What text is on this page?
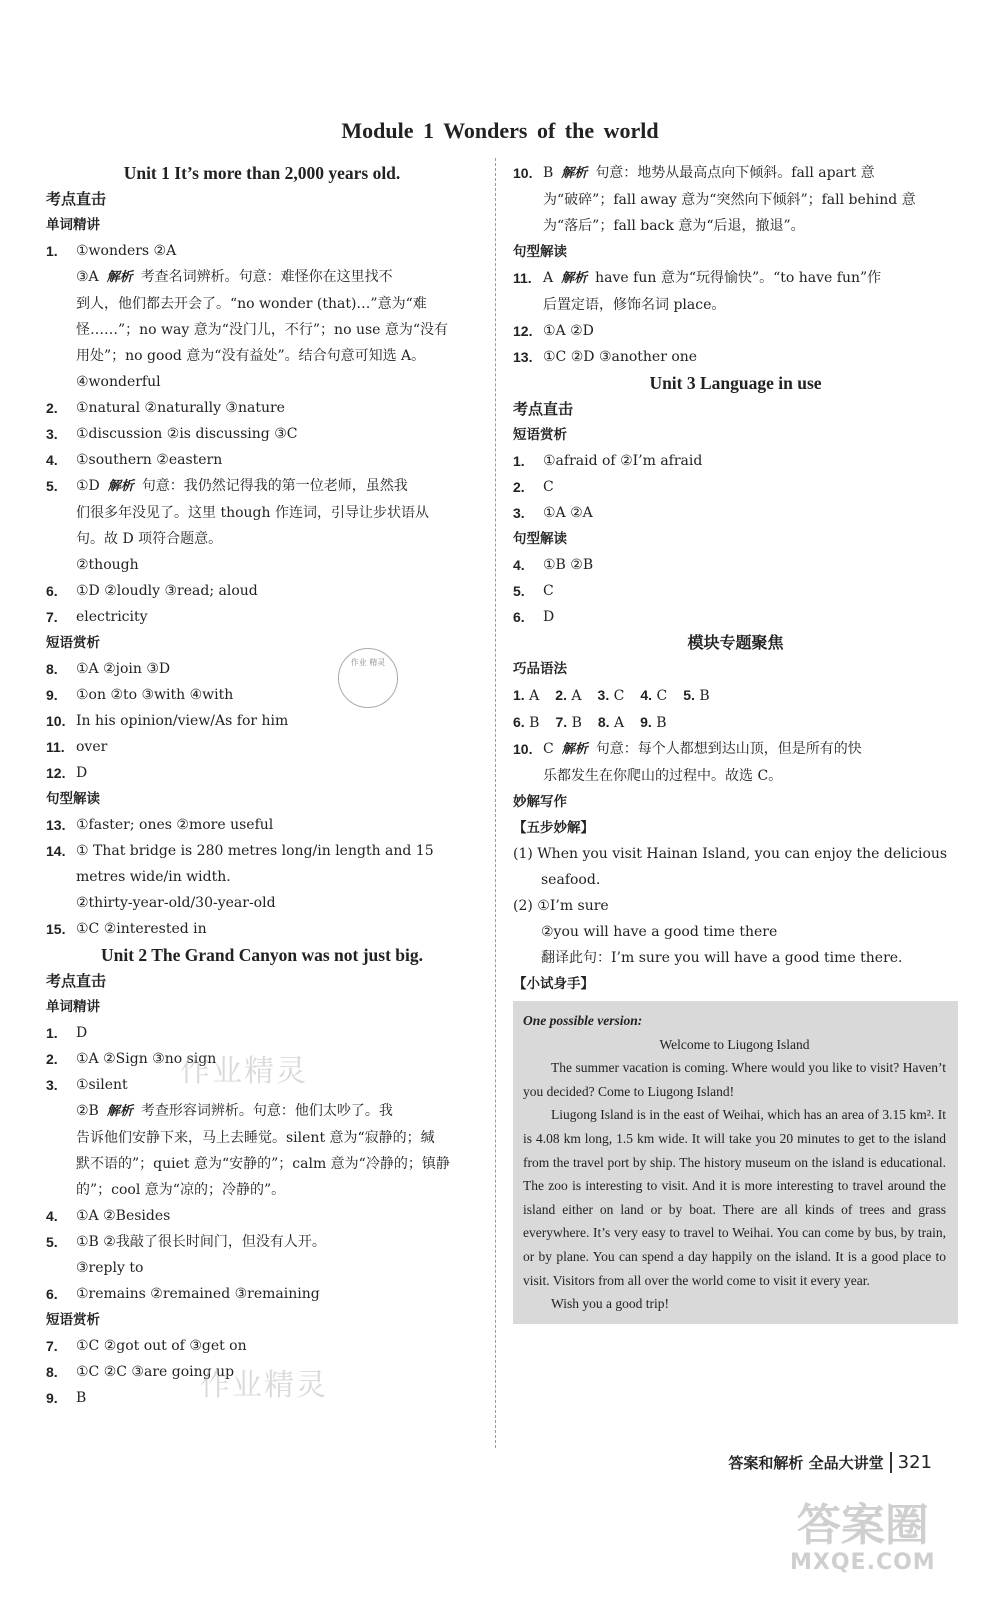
Module 1 Wonders of the world
Unit 1 It’s more than 2,000 years old.
考点直击
单词精讲
1.	①wonders ②A
③A 解析 考查名词辨析。句意：难怪你在这里找不
到人，他们都去开会了。“no wonder (that)…”意为“难
怪……”；no way 意为“没门儿，不行”；no use 意为“没有
用处”；no good 意为“没有益处”。结合句意可知选 A。
④wonderful
2.	①natural ②naturally ③nature
3.	①discussion ②is discussing ③C
4.	①southern ②eastern
5.	①D 解析 句意：我仍然记得我的第一位老师，虽然我
们很多年没见了。这里 though 作连词，引导让步状语从
句。故 D 项符合题意。
②though
6.	①D ②loudly ③read; aloud
7.	electricity
短语赏析
8.	①A ②join ③D
9.	①on ②to ③with ④with
10. In his opinion/view/As for him
11. over
12. D
句型解读
13. ①faster; ones ②more useful
14. ① That bridge is 280 metres long/in length and 15
metres wide/in width.
②thirty-year-old/30-year-old
15. ①C ②interested in
Unit 2 The Grand Canyon was not just big.
考点直击
单词精讲
1.	D
2.	①A ②Sign ③no sign
3.	①silent
②B 解析 考查形容词辨析。句意：他们太吵了。我
告诉他们安静下来，马上去睡觉。silent 意为“寂静的；缄
默不语的”；quiet 意为“安静的”；calm 意为“冷静的；镇静
的”；cool 意为“凉的；冷静的”。
4.	①A ②Besides
5.	①B ②我敲了很长时间门，但没有人开。
③reply to
6.	①remains ②remained ③remaining
短语赏析
7.	①C ②got out of ③get on
8.	①C ②C ③are going up
9.	B
10. B 解析 句意：地势从最高点向下倾斜。fall apart 意
为“破碎”；fall away 意为“突然向下倾斜”；fall behind 意
为“落后”；fall back 意为“后退，撤退”。
句型解读
11. A 解析 have fun 意为“玩得愉快”。“to have fun”作
后置定语，修饰名词 place。
12. ①A ②D
13. ①C ②D ③another one
Unit 3 Language in use
考点直击
短语赏析
1.	①afraid of ②I’m afraid
2.	C
3.	①A ②A
句型解读
4.	①B ②B
5.	C
6.	D
模块专题聚焦
巧品语法
1. A 2. A 3. C 4. C 5. B
6. B 7. B 8. A 9. B
10. C 解析 句意：每个人都想到达山顶，但是所有的快
乐都发生在你爬山的过程中。故选 C。
妙解写作
【五步妙解】
(1) When you visit Hainan Island, you can enjoy the delicious
seafood.
(2) ①I’m sure
②you will have a good time there
翻译此句：I’m sure you will have a good time there.
【小试身手】
One possible version:
Welcome to Liugong Island

The summer vacation is coming. Where would you like to visit? Haven’t you decided? Come to Liugong Island!

Liugong Island is in the east of Weihai, which has an area of 3.15 km². It is 4.08 km long, 1.5 km wide. It will take you 20 minutes to get to the island from the travel port by ship. The history museum on the island is educational. The zoo is interesting to visit. And it is more interesting to travel around the island either on land or by boat. There are all kinds of trees and grass everywhere. It’s very easy to travel to Weihai. You can come by bus, by train, or by plane. You can spend a day happily on the island. It is a good place to visit. Visitors from all over the world come to visit it every year.

Wish you a good trip!

作业 精灵
作业精灵
作业精灵
答案和解析 全品大讲堂 321
答案圈
MXQE.COM
